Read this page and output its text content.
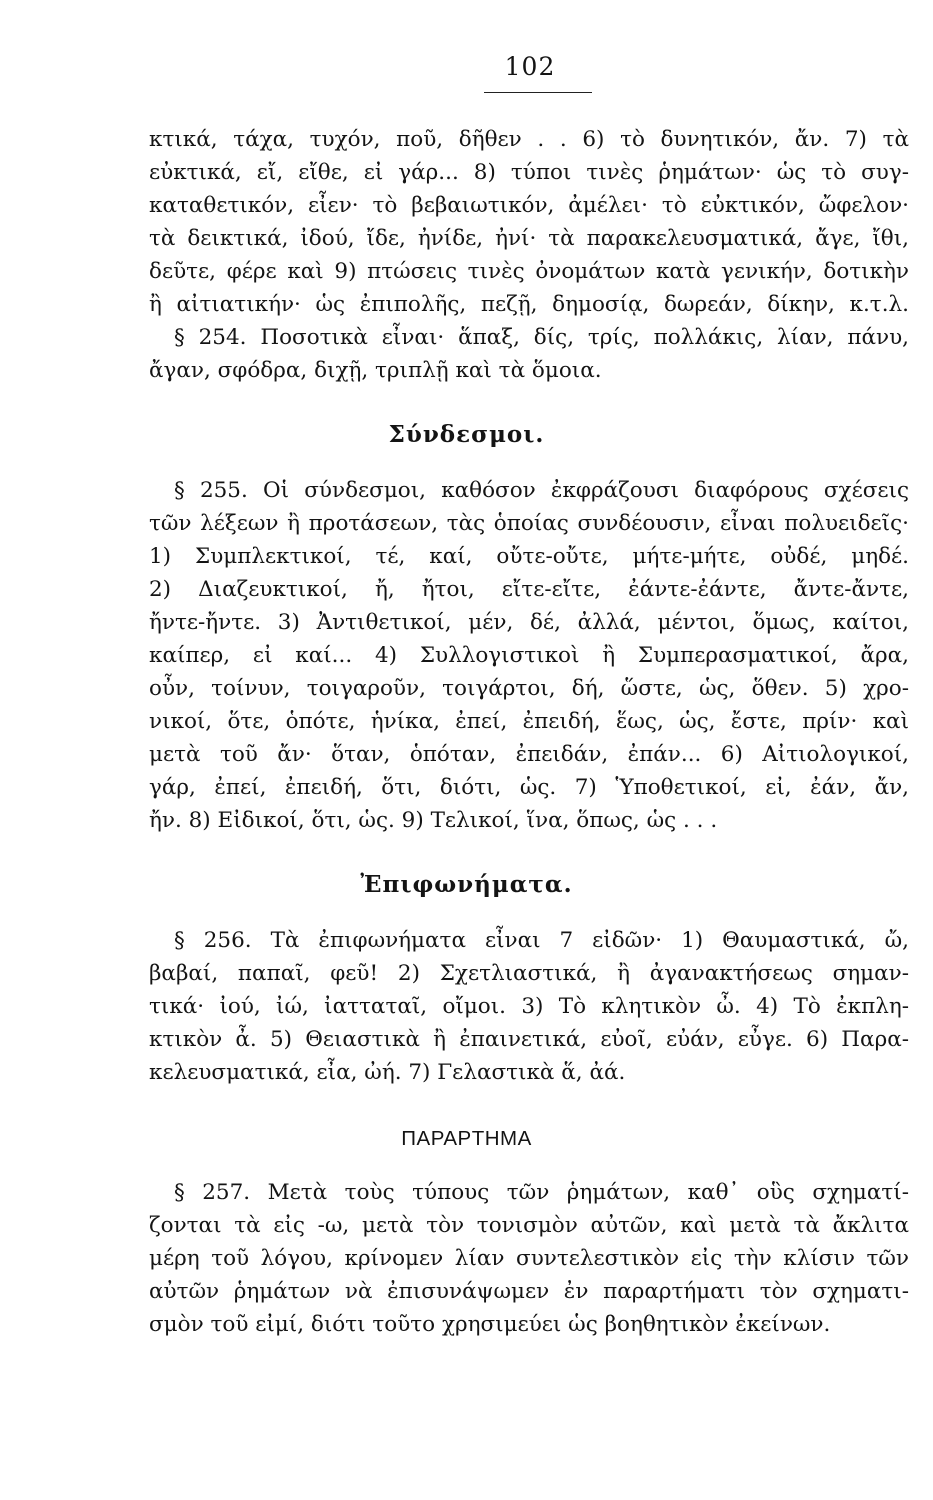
102
κτικά, τάχα, τυχόν, ποῦ, δῆθεν . . 6) τὸ δυνητικόν, ἄν. 7) τὰ
εὐκτικά, εἴ, εἴθε, εἰ γάρ... 8) τύποι τινὲς ῥημάτων· ὡς τὸ συγ-
καταθετικόν, εἶεν· τὸ βεβαιωτικόν, ἀμέλει· τὸ εὐκτικόν, ὤφελον·
τὰ δεικτικά, ἰδού, ἴδε, ἠνίδε, ἠνί· τὰ παρακελευσματικά, ἄγε, ἴθι,
δεῦτε, φέρε καὶ 9) πτώσεις τινὲς ὀνομάτων κατὰ γενικήν, δοτικὴν
ἢ αἰτιατικήν· ὡς ἐπιπολῆς, πεζῇ, δημοσίᾳ, δωρεάν, δίκην, κ.τ.λ.
§ 254. Ποσοτικὰ εἶναι· ἅπαξ, δίς, τρίς, πολλάκις, λίαν, πάνυ,
ἄγαν, σφόδρα, διχῇ, τριπλῇ καὶ τὰ ὅμοια.
Σύνδεσμοι.
§ 255. Οἱ σύνδεσμοι, καθόσον ἐκφράζουσι διαφόρους σχέσεις
τῶν λέξεων ἢ προτάσεων, τὰς ὁποίας συνδέουσιν, εἶναι πολυειδεῖς·
1) Συμπλεκτικοί, τέ, καί, οὔτε-οὔτε, μήτε-μήτε, οὐδέ, μηδέ.
2) Διαζευκτικοί, ἤ, ἤτοι, εἴτε-εἴτε, ἐάντε-ἐάντε, ἄντε-ἄντε,
ἤντε-ἤντε. 3) Ἀντιθετικοί, μέν, δέ, ἀλλά, μέντοι, ὅμως, καίτοι,
καίπερ, εἰ καί... 4) Συλλογιστικοὶ ἢ Συμπερασματικοί, ἄρα,
οὖν, τοίνυν, τοιγαροῦν, τοιγάρτοι, δή, ὥστε, ὡς, ὅθεν. 5) χρο-
νικοί, ὅτε, ὁπότε, ἡνίκα, ἐπεί, ἐπειδή, ἕως, ὡς, ἔστε, πρίν· καὶ
μετὰ τοῦ ἄν· ὅταν, ὁπόταν, ἐπειδάν, ἐπάν... 6) Αἰτιολογικοί,
γάρ, ἐπεί, ἐπειδή, ὅτι, διότι, ὡς. 7) Ὑποθετικοί, εἰ, ἐάν, ἄν,
ἤν. 8) Εἰδικοί, ὅτι, ὡς. 9) Τελικοί, ἵνα, ὅπως, ὡς . . .
Ἐπιφωνήματα.
§ 256. Τὰ ἐπιφωνήματα εἶναι 7 εἰδῶν· 1) Θαυμαστικά, ὤ,
βαβαί, παπαῖ, φεῦ! 2) Σχετλιαστικά, ἢ ἀγανακτήσεως σημαν-
τικά· ἰού, ἰώ, ἰατταταῖ, οἴμοι. 3) Τὸ κλητικὸν ὦ. 4) Τὸ ἐκπλη-
κτικὸν ἆ. 5) Θειαστικὰ ἢ ἐπαινετικά, εὐοῖ, εὐάν, εὖγε. 6) Παρα-
κελευσματικά, εἶα, ὠή. 7) Γελαστικὰ ἅ, ἀά.
ΠΑΡΑΡΤΗΜΑ
§ 257. Μετὰ τοὺς τύπους τῶν ῥημάτων, καθ᾽ οὓς σχηματί-
ζονται τὰ εἰς -ω, μετὰ τὸν τονισμὸν αὐτῶν, καὶ μετὰ τὰ ἄκλιτα
μέρη τοῦ λόγου, κρίνομεν λίαν συντελεστικὸν εἰς τὴν κλίσιν τῶν
αὐτῶν ῥημάτων νὰ ἐπισυνάψωμεν ἐν παραρτήματι τὸν σχηματι-
σμὸν τοῦ εἰμί, διότι τοῦτο χρησιμεύει ὡς βοηθητικὸν ἐκείνων.
